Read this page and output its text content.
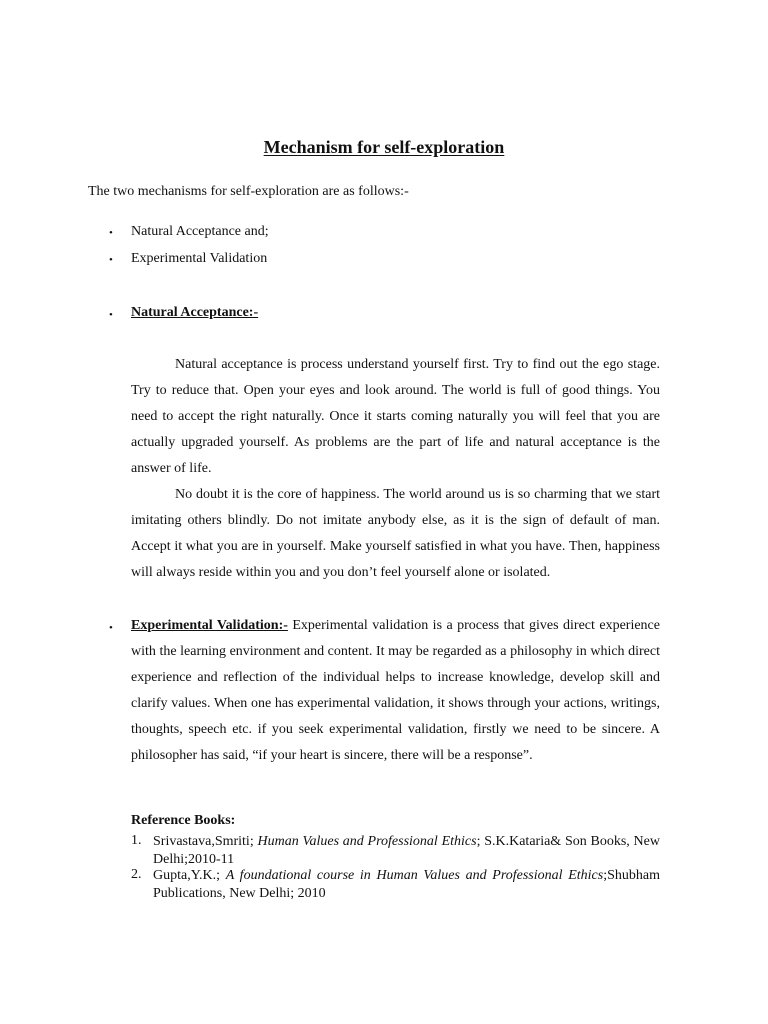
Mechanism for self-exploration
The two mechanisms for self-exploration are as follows:-
• Natural Acceptance and;
• Experimental Validation
• Natural Acceptance:-
Natural acceptance is process understand yourself first. Try to find out the ego stage. Try to reduce that. Open your eyes and look around. The world is full of good things. You need to accept the right naturally. Once it starts coming naturally you will feel that you are actually upgraded yourself. As problems are the part of life and natural acceptance is the answer of life.
No doubt it is the core of happiness. The world around us is so charming that we start imitating others blindly. Do not imitate anybody else, as it is the sign of default of man. Accept it what you are in yourself. Make yourself satisfied in what you have. Then, happiness will always reside within you and you don’t feel yourself alone or isolated.
• Experimental Validation:- Experimental validation is a process that gives direct experience with the learning environment and content. It may be regarded as a philosophy in which direct experience and reflection of the individual helps to increase knowledge, develop skill and clarify values. When one has experimental validation, it shows through your actions, writings, thoughts, speech etc. if you seek experimental validation, firstly we need to be sincere. A philosopher has said, “if your heart is sincere, there will be a response”.
Reference Books:
1. Srivastava,Smriti; Human Values and Professional Ethics; S.K.Kataria& Son Books, New Delhi;2010-11
2. Gupta,Y.K.; A foundational course in Human Values and Professional Ethics;Shubham Publications, New Delhi; 2010
